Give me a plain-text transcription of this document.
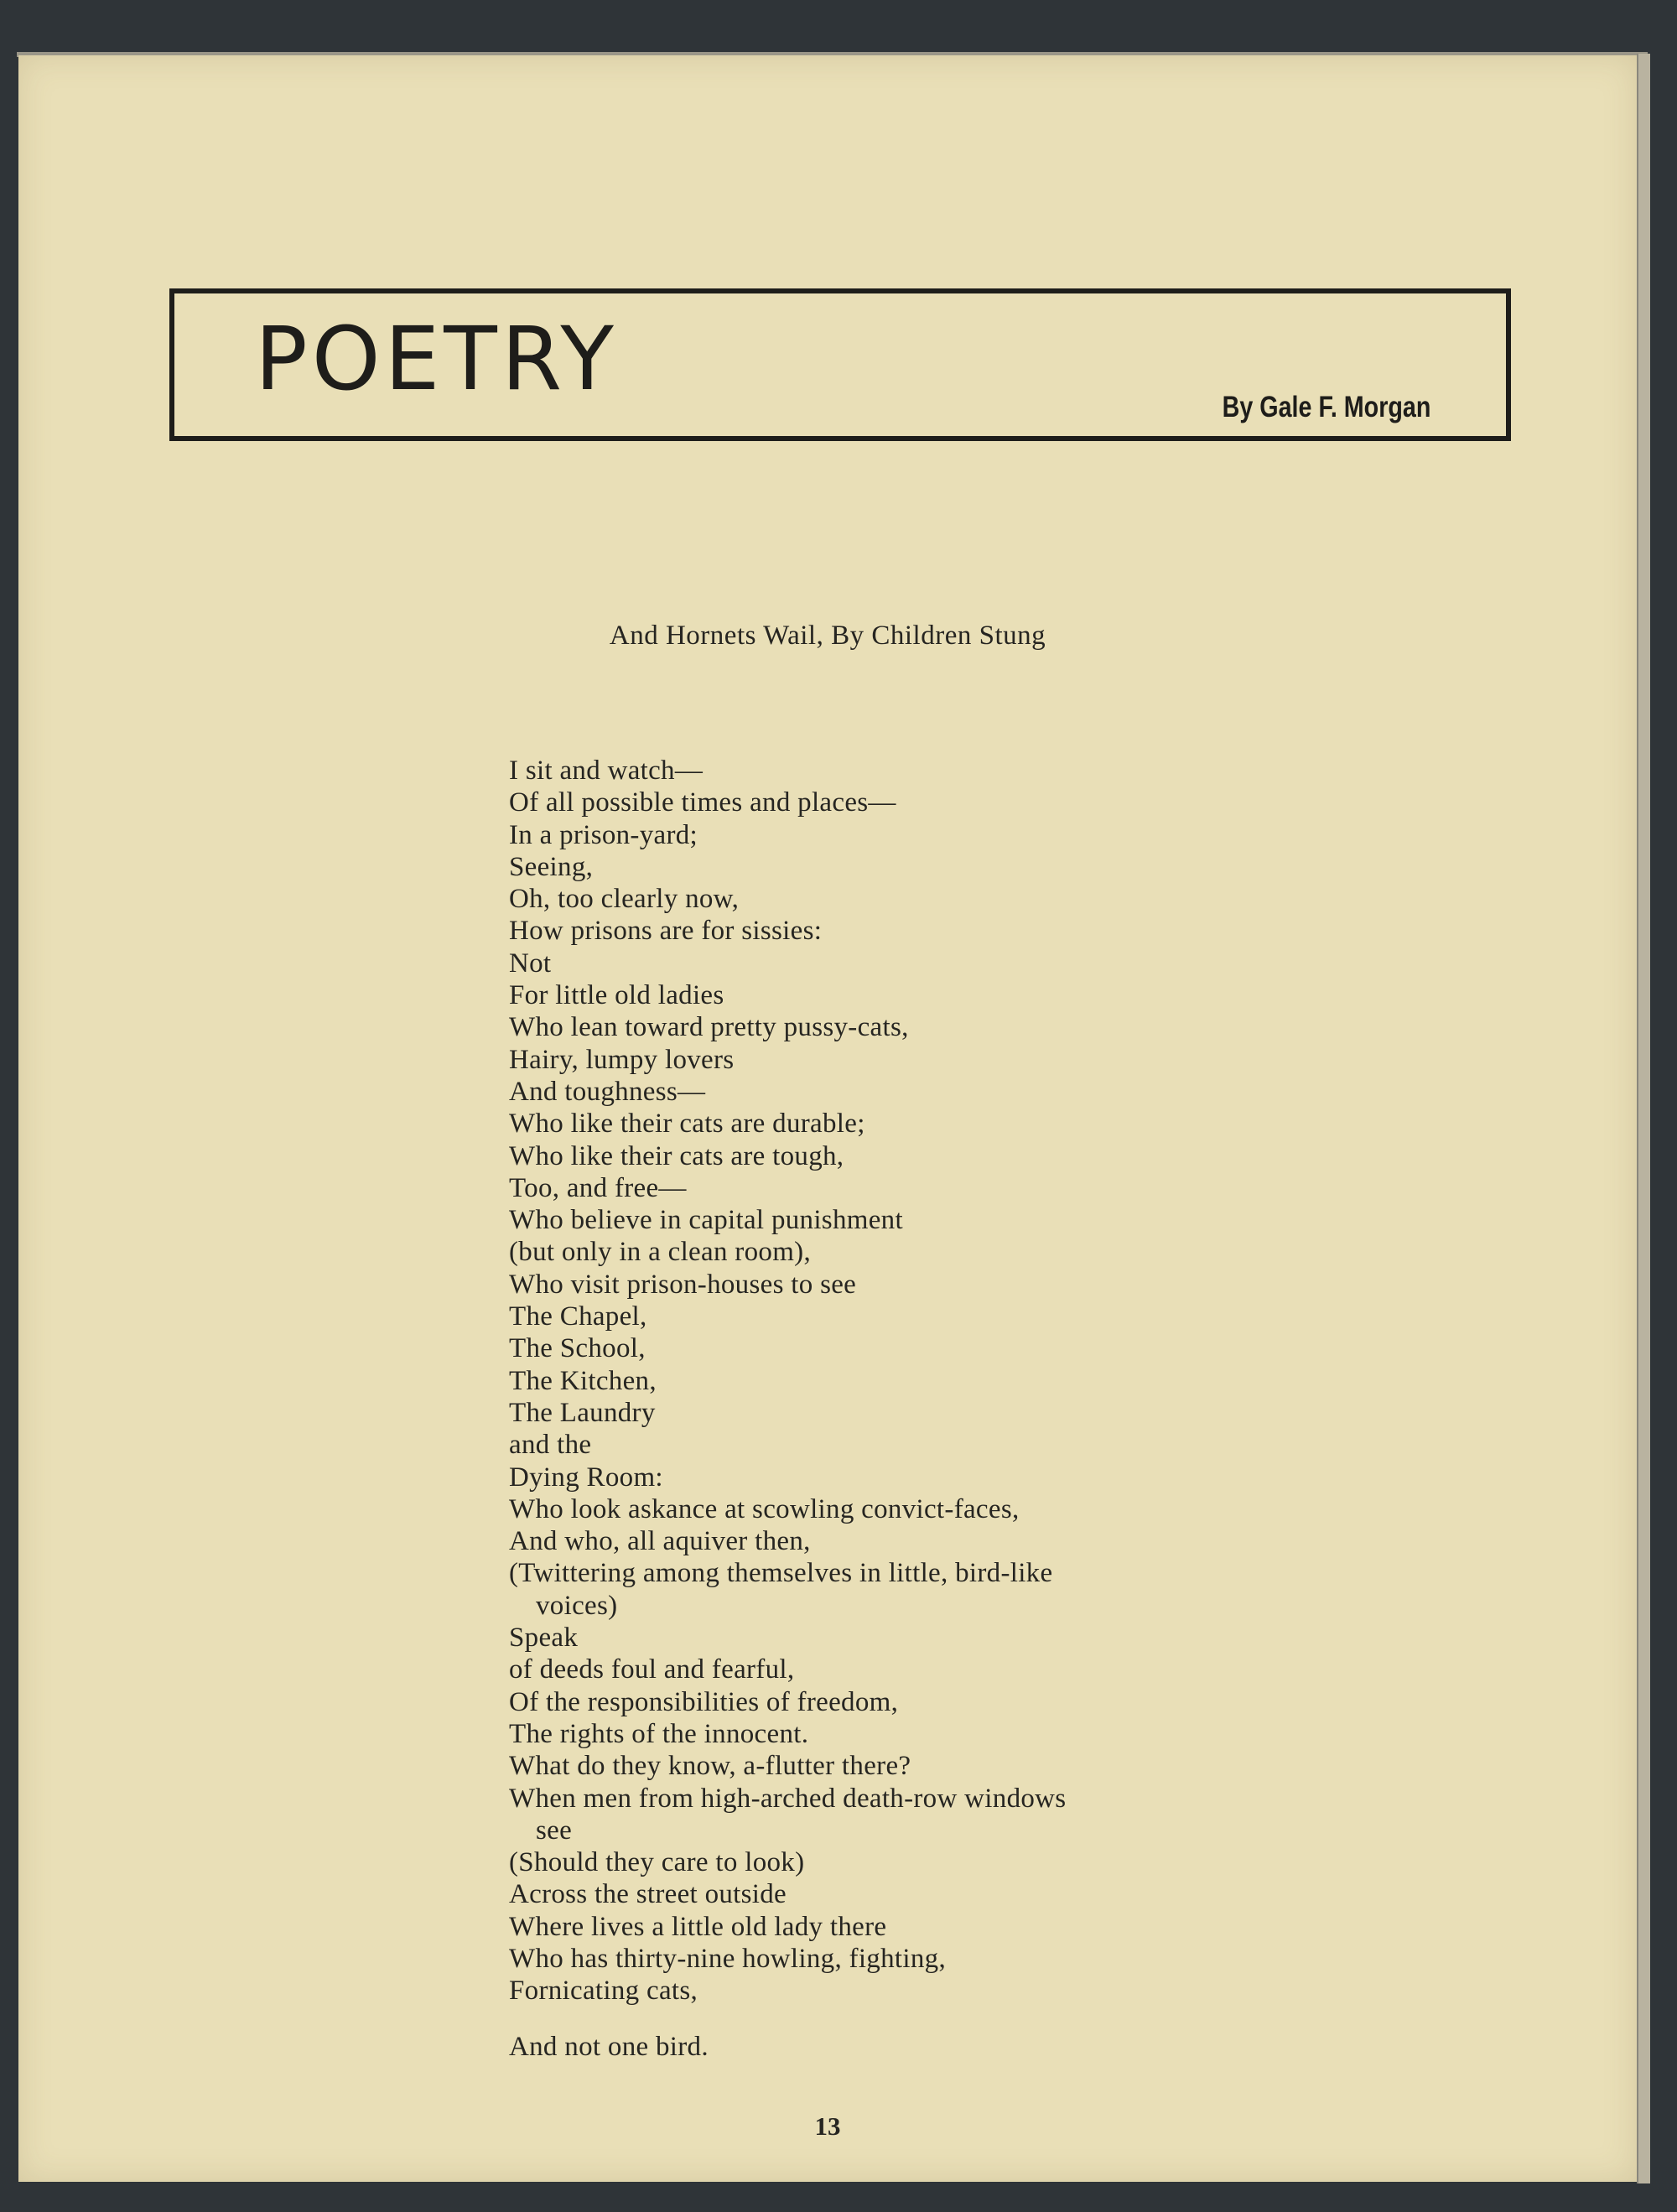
POETRY	By Gale F. Morgan
And Hornets Wail, By Children Stung
I sit and watch—
Of all possible times and places—
In a prison-yard;
Seeing,
Oh, too clearly now,
How prisons are for sissies:
Not
For little old ladies
Who lean toward pretty pussy-cats,
Hairy, lumpy lovers
And toughness—
Who like their cats are durable;
Who like their cats are tough,
Too, and free—
Who believe in capital punishment
(but only in a clean room),
Who visit prison-houses to see
The Chapel,
The School,
The Kitchen,
The Laundry
and the
Dying Room:
Who look askance at scowling convict-faces,
And who, all aquiver then,
(Twittering among themselves in little, bird-like
voices)
Speak
of deeds foul and fearful,
Of the responsibilities of freedom,
The rights of the innocent.
What do they know, a-flutter there?
When men from high-arched death-row windows
see
(Should they care to look)
Across the street outside
Where lives a little old lady there
Who has thirty-nine howling, fighting,
Fornicating cats,
And not one bird.
13
